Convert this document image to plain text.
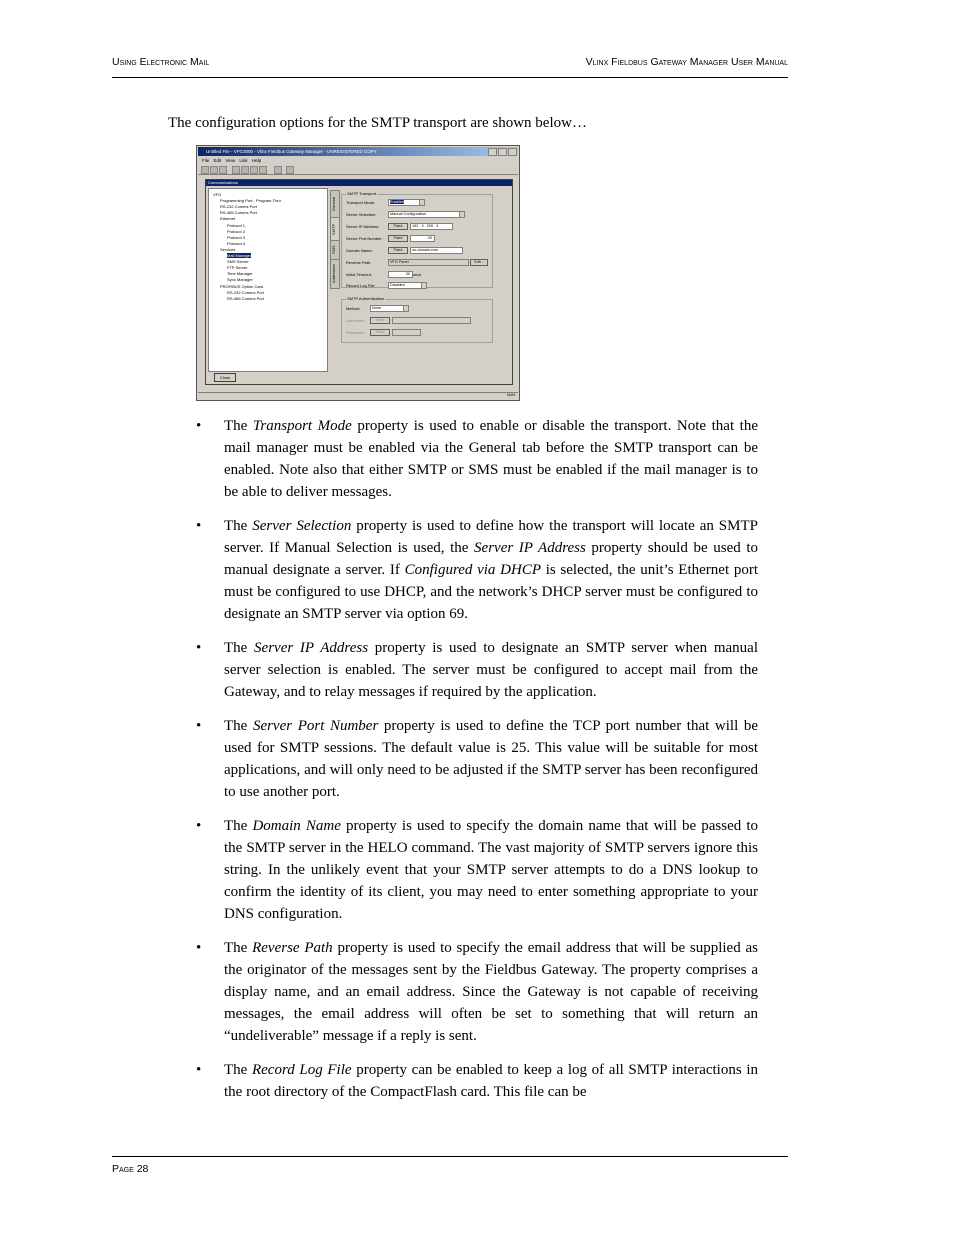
Using Electronic Mail	Vlinx Fieldbus Gateway Manager User Manual
The configuration options for the SMTP transport are shown below…
Untitled File - VFG3000 - Vlinx Fieldbus Gateway Manager - UNREGISTERED COPY
File Edit View Link Help
Communications
VFG
Programming Port - Program-Thru
RS-232 Comms Port
RS-485 Comms Port
Ethernet
Protocol 1
Protocol 2
Protocol 3
Protocol 4
Services
Mail Manager
SMS Server
FTP Server
Time Manager
Sync Manager
PROFIBUS Option Card
RS-232 Comms Port
RS-485 Comms Port
Close
General
SMTP
SMS
Addresses
SMTP Transport
Transport Mode:	Enabled
Server Selection:	Manual Configuration
Server IP Address:	Fixed	192 . 9 . 200 . 4
Server Port Number:	Fixed	25
Domain Name:	Fixed	no-domain.com
Reverse Path:	VFG Panel	Edit...
Initial Timeout:	30 secs
Record Log File:	Disabled
SMTP Authentication
Method:	None
Username:	Fixed
Password:	Fixed
NUM
• The Transport Mode property is used to enable or disable the transport. Note that the mail manager must be enabled via the General tab before the SMTP transport can be enabled. Note also that either SMTP or SMS must be enabled if the mail manager is to be able to deliver messages.
• The Server Selection property is used to define how the transport will locate an SMTP server. If Manual Selection is used, the Server IP Address property should be used to manual designate a server. If Configured via DHCP is selected, the unit’s Ethernet port must be configured to use DHCP, and the network’s DHCP server must be configured to designate an SMTP server via option 69.
• The Server IP Address property is used to designate an SMTP server when manual server selection is enabled. The server must be configured to accept mail from the Gateway, and to relay messages if required by the application.
• The Server Port Number property is used to define the TCP port number that will be used for SMTP sessions. The default value is 25. This value will be suitable for most applications, and will only need to be adjusted if the SMTP server has been reconfigured to use another port.
• The Domain Name property is used to specify the domain name that will be passed to the SMTP server in the HELO command. The vast majority of SMTP servers ignore this string. In the unlikely event that your SMTP server attempts to do a DNS lookup to confirm the identity of its client, you may need to enter something appropriate to your DNS configuration.
• The Reverse Path property is used to specify the email address that will be supplied as the originator of the messages sent by the Fieldbus Gateway. The property comprises a display name, and an email address. Since the Gateway is not capable of receiving messages, the email address will often be set to something that will return an “undeliverable” message if a reply is sent.
• The Record Log File property can be enabled to keep a log of all SMTP interactions in the root directory of the CompactFlash card. This file can be
Page 28
